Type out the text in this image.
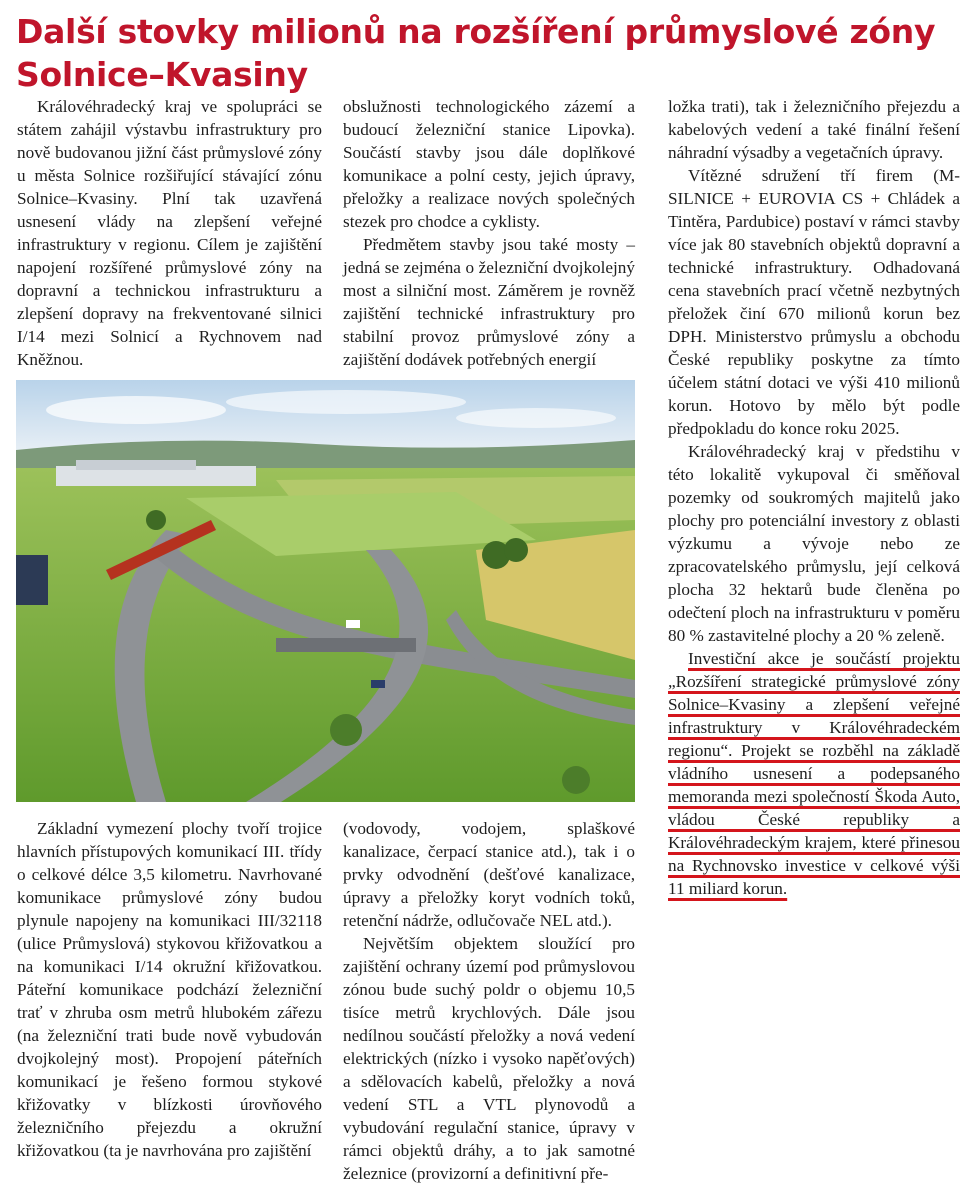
Další stovky milionů na rozšíření průmyslové zóny Solnice–Kvasiny

Královéhradecký kraj ve spolupráci se státem zahájil výstavbu infrastruktury pro nově budovanou jižní část průmyslové zóny u města Solnice rozšiřující stávající zónu Solnice–Kvasiny. Plní tak uzavřená usnesení vlády na zlepšení veřejné infrastruktury v regionu. Cílem je zajištění napojení rozšířené průmyslové zóny na dopravní a technickou infrastrukturu a zlepšení dopravy na frekventované silnici I/14 mezi Solnicí a Rychnovem nad Kněžnou.

obslužnosti technologického zázemí a budoucí železniční stanice Lipovka). Součástí stavby jsou dále doplňkové komunikace a polní cesty, jejich úpravy, přeložky a realizace nových společných stezek pro chodce a cyklisty.

Předmětem stavby jsou také mosty – jedná se zejména o železniční dvojkolejný most a silniční most. Záměrem je rovněž zajištění technické infrastruktury pro stabilní provoz průmyslové zóny a zajištění dodávek potřebných energií

ložka trati), tak i železničního přejezdu a kabelových vedení a také finální řešení náhradní výsadby a vegetačních úpravy.

Vítězné sdružení tří firem (M-SILNICE + EUROVIA CS + Chládek a Tintěra, Pardubice) postaví v rámci stavby více jak 80 stavebních objektů dopravní a technické infrastruktury. Odhadovaná cena stavebních prací včetně nezbytných přeložek činí 670 milionů korun bez DPH. Ministerstvo průmyslu a obchodu České republiky poskytne za tímto účelem státní dotaci ve výši 410 milionů korun. Hotovo by mělo být podle předpokladu do konce roku 2025.

Královéhradecký kraj v předstihu v této lokalitě vykupoval či směňoval pozemky od soukromých majitelů jako plochy pro potenciální investory z oblasti výzkumu a vývoje nebo ze zpracovatelského průmyslu, její celková plocha 32 hektarů bude členěna po odečtení ploch na infrastrukturu v poměru 80 % zastavitelné plochy a 20 % zeleně.

Investiční akce je součástí projektu „Rozšíření strategické průmyslové zóny Solnice–Kvasiny a zlepšení veřejné infrastruktury v Královéhradeckém regionu“. Projekt se rozběhl na základě vládního usnesení a podepsaného memoranda mezi společností Škoda Auto, vládou České republiky a Královéhradeckým krajem, které přinesou na Rychnovsko investice v celkové výši 11 miliard korun.

Základní vymezení plochy tvoří trojice hlavních přístupových komunikací III. třídy o celkové délce 3,5 kilometru. Navrhované komunikace průmyslové zóny budou plynule napojeny na komunikaci III/32118 (ulice Průmyslová) stykovou křižovatkou a na komunikaci I/14 okružní křižovatkou. Páteřní komunikace podchází železniční trať v zhruba osm metrů hlubokém zářezu (na železniční trati bude nově vybudován dvojkolejný most). Propojení páteřních komunikací je řešeno formou stykové křižovatky v blízkosti úrovňového železničního přejezdu a okružní křižovatkou (ta je navrhována pro zajištění

(vodovody, vodojem, splaškové kanalizace, čerpací stanice atd.), tak i o prvky odvodnění (dešťové kanalizace, úpravy a přeložky koryt vodních toků, retenční nádrže, odlučovače NEL atd.).

Největším objektem sloužící pro zajištění ochrany území pod průmyslovou zónou bude suchý poldr o objemu 10,5 tisíce metrů krychlových. Dále jsou nedílnou součástí přeložky a nová vedení elektrických (nízko i vysoko napěťových) a sdělovacích kabelů, přeložky a nová vedení STL a VTL plynovodů a vybudování regulační stanice, úpravy v rámci objektů dráhy, a to jak samotné železnice (provizorní a definitivní pře-
